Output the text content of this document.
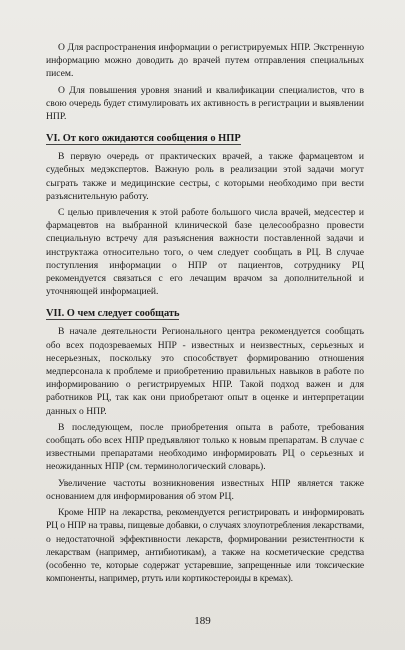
О Для распространения информации о регистрируемых НПР. Экстренную информацию можно доводить до врачей путем отправления специальных писем.

О Для повышения уровня знаний и квалификации специалистов, что в свою очередь будет стимулировать их активность в регистрации и выявлении НПР.

VI. От кого ожидаются сообщения о НПР

В первую очередь от практических врачей, а также фармацевтом и судебных медэкспертов. Важную роль в реализации этой задачи могут сыграть также и медицинские сестры, с которыми необходимо при вести разъяснительную работу.

С целью привлечения к этой работе большого числа врачей, медсестер и фармацевтов на выбранной клинической базе целесообразно провести специальную встречу для разъяснения важности поставленной задачи и инструктажа относительно того, о чем следует сообщать в РЦ. В случае поступления информации о НПР от пациентов, сотруднику РЦ рекомендуется связаться с его лечащим врачом за дополнительной и уточняющей информацией.

VII. О чем следует сообщать

В начале деятельности Регионального центра рекомендуется сообщать обо всех подозреваемых НПР - известных и неизвестных, серьезных и несерьезных, поскольку это способствует формированию отношения медперсонала к проблеме и приобретению правильных навыков в работе по информированию о регистрируемых НПР. Такой подход важен и для работников РЦ, так как они приобретают опыт в оценке и интерпретации данных о НПР.

В последующем, после приобретения опыта в работе, требования сообщать обо всех НПР предъявляют только к новым препаратам. В случае с известными препаратами необходимо информировать РЦ о серьезных и неожиданных НПР (см. терминологический словарь).

Увеличение частоты возникновения известных НПР является также основанием для информирования об этом РЦ.

Кроме НПР на лекарства, рекомендуется регистрировать и информировать РЦ о НПР на травы, пищевые добавки, о случаях злоупотребления лекарствами, о недостаточной эффективности лекарств, формировании резистентности к лекарствам (например, антибиотикам), а также на косметические средства (особенно те, которые содержат устаревшие, запрещенные или токсические компоненты, например, ртуть или кортикостероиды в кремах).

189
